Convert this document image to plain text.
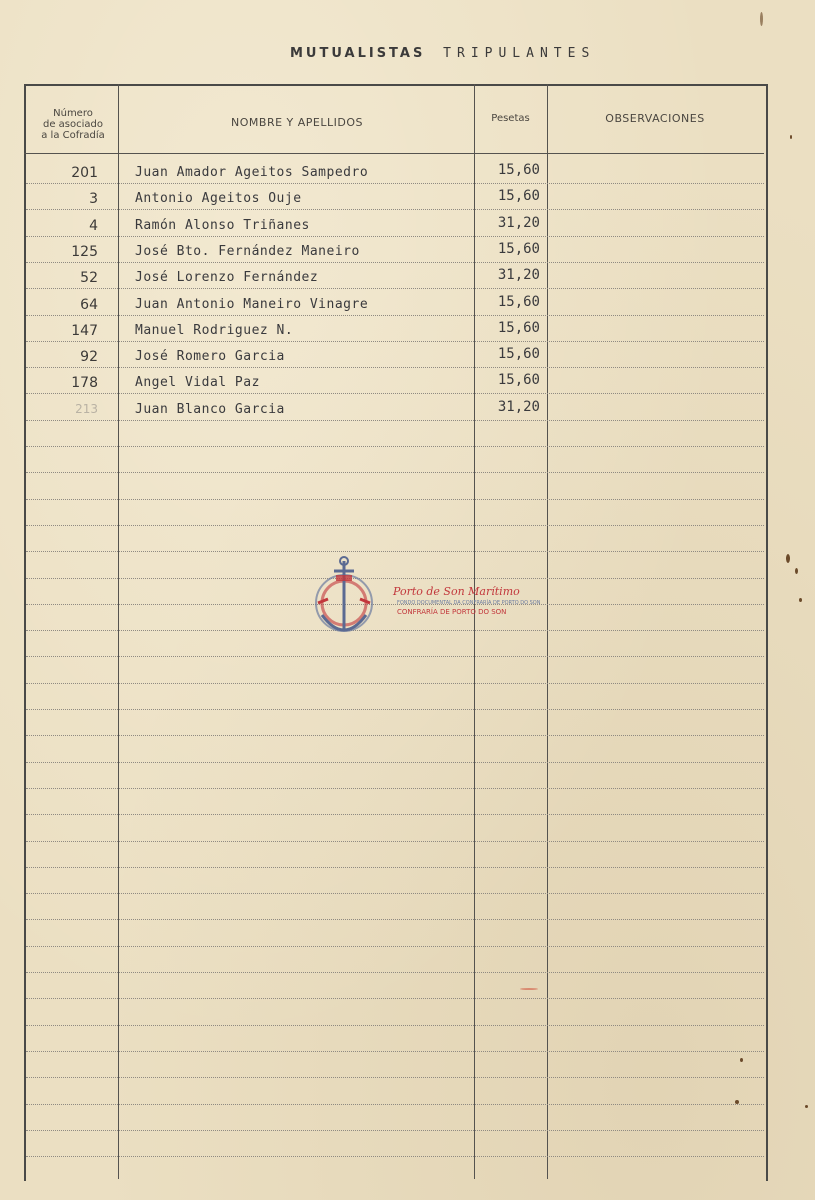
MUTUALISTAS TRIPULANTES
Número
de asociado
a la Cofradía
NOMBRE Y APELLIDOS	Pesetas	OBSERVACIONES
201	Juan Amador Ageitos Sampedro	15,60
3	Antonio Ageitos Ouje	15,60
4	Ramón Alonso Triñanes	31,20
125	José Bto. Fernández Maneiro	15,60
52	José Lorenzo Fernández	31,20
64	Juan Antonio Maneiro Vinagre	15,60
147	Manuel Rodriguez N.	15,60
92	José Romero Garcia	15,60
178	Angel Vidal Paz	15,60
213	Juan Blanco Garcia	31,20
Porto de Son Marítimo
FONDO DOCUMENTAL DA CONFRARÍA DE PORTO DO SON
CONFRARÍA DE PORTO DO SON
